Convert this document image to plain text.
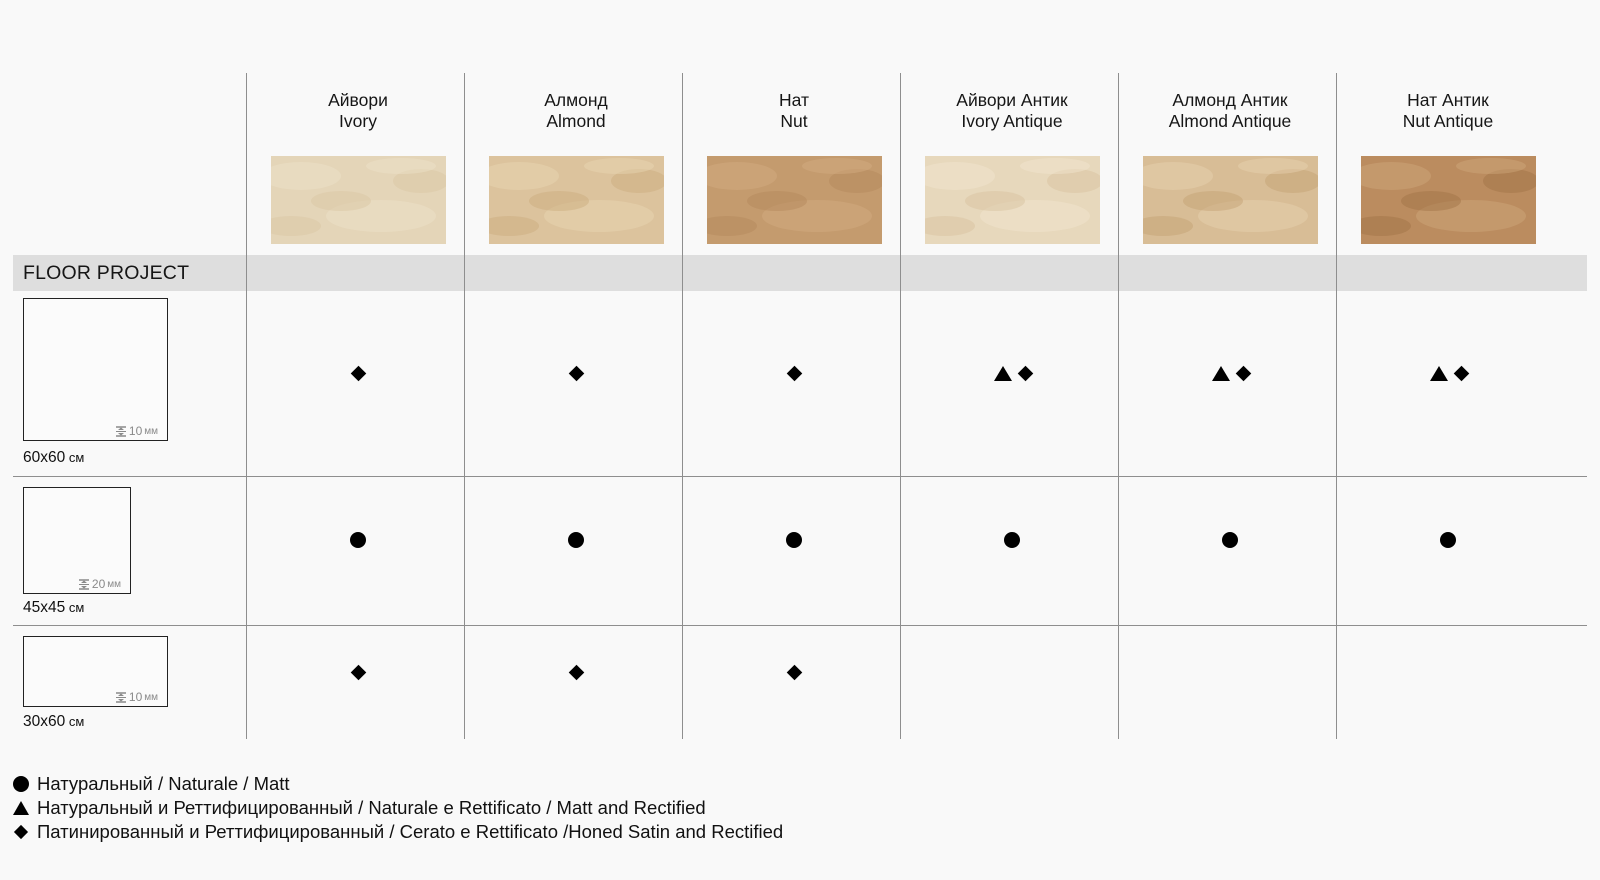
Айвори
Ivory
Алмонд
Almond
Нат
Nut
Айвори Антик
Ivory Antique
Алмонд Антик
Almond Antique
Нат Антик
Nut Antique
FLOOR PROJECT
10 мм
60x60 см
20 мм
45x45 см
10 мм
30x60 см
Натуральный / Naturale / Matt
Натуральный и Реттифицированный / Naturale e Rettificato / Matt and Rectified
Патинированный и Реттифицированный / Cerato e Rettificato /Honed Satin and Rectified
